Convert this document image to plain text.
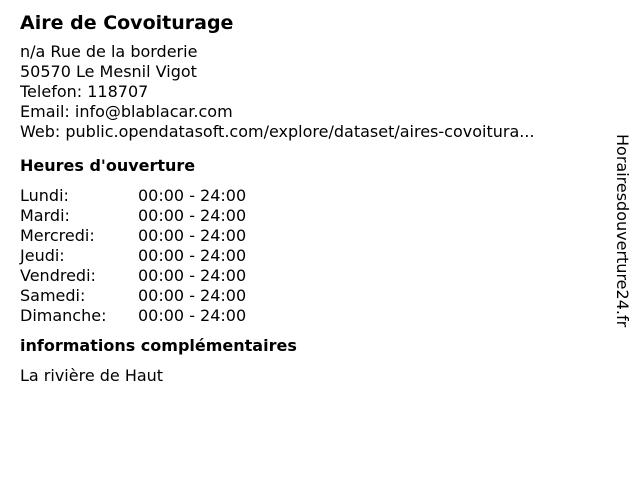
Aire de Covoiturage
n/a Rue de la borderie
50570 Le Mesnil Vigot
Telefon: 118707
Email: info@blablacar.com
Web: public.opendatasoft.com/explore/dataset/aires-covoitura...
Heures d'ouverture
Lundi:	00:00 - 24:00
Mardi:	00:00 - 24:00
Mercredi:	00:00 - 24:00
Jeudi:	00:00 - 24:00
Vendredi:	00:00 - 24:00
Samedi:	00:00 - 24:00
Dimanche:	00:00 - 24:00
informations complémentaires
La rivière de Haut
Horairesdouverture24.fr
